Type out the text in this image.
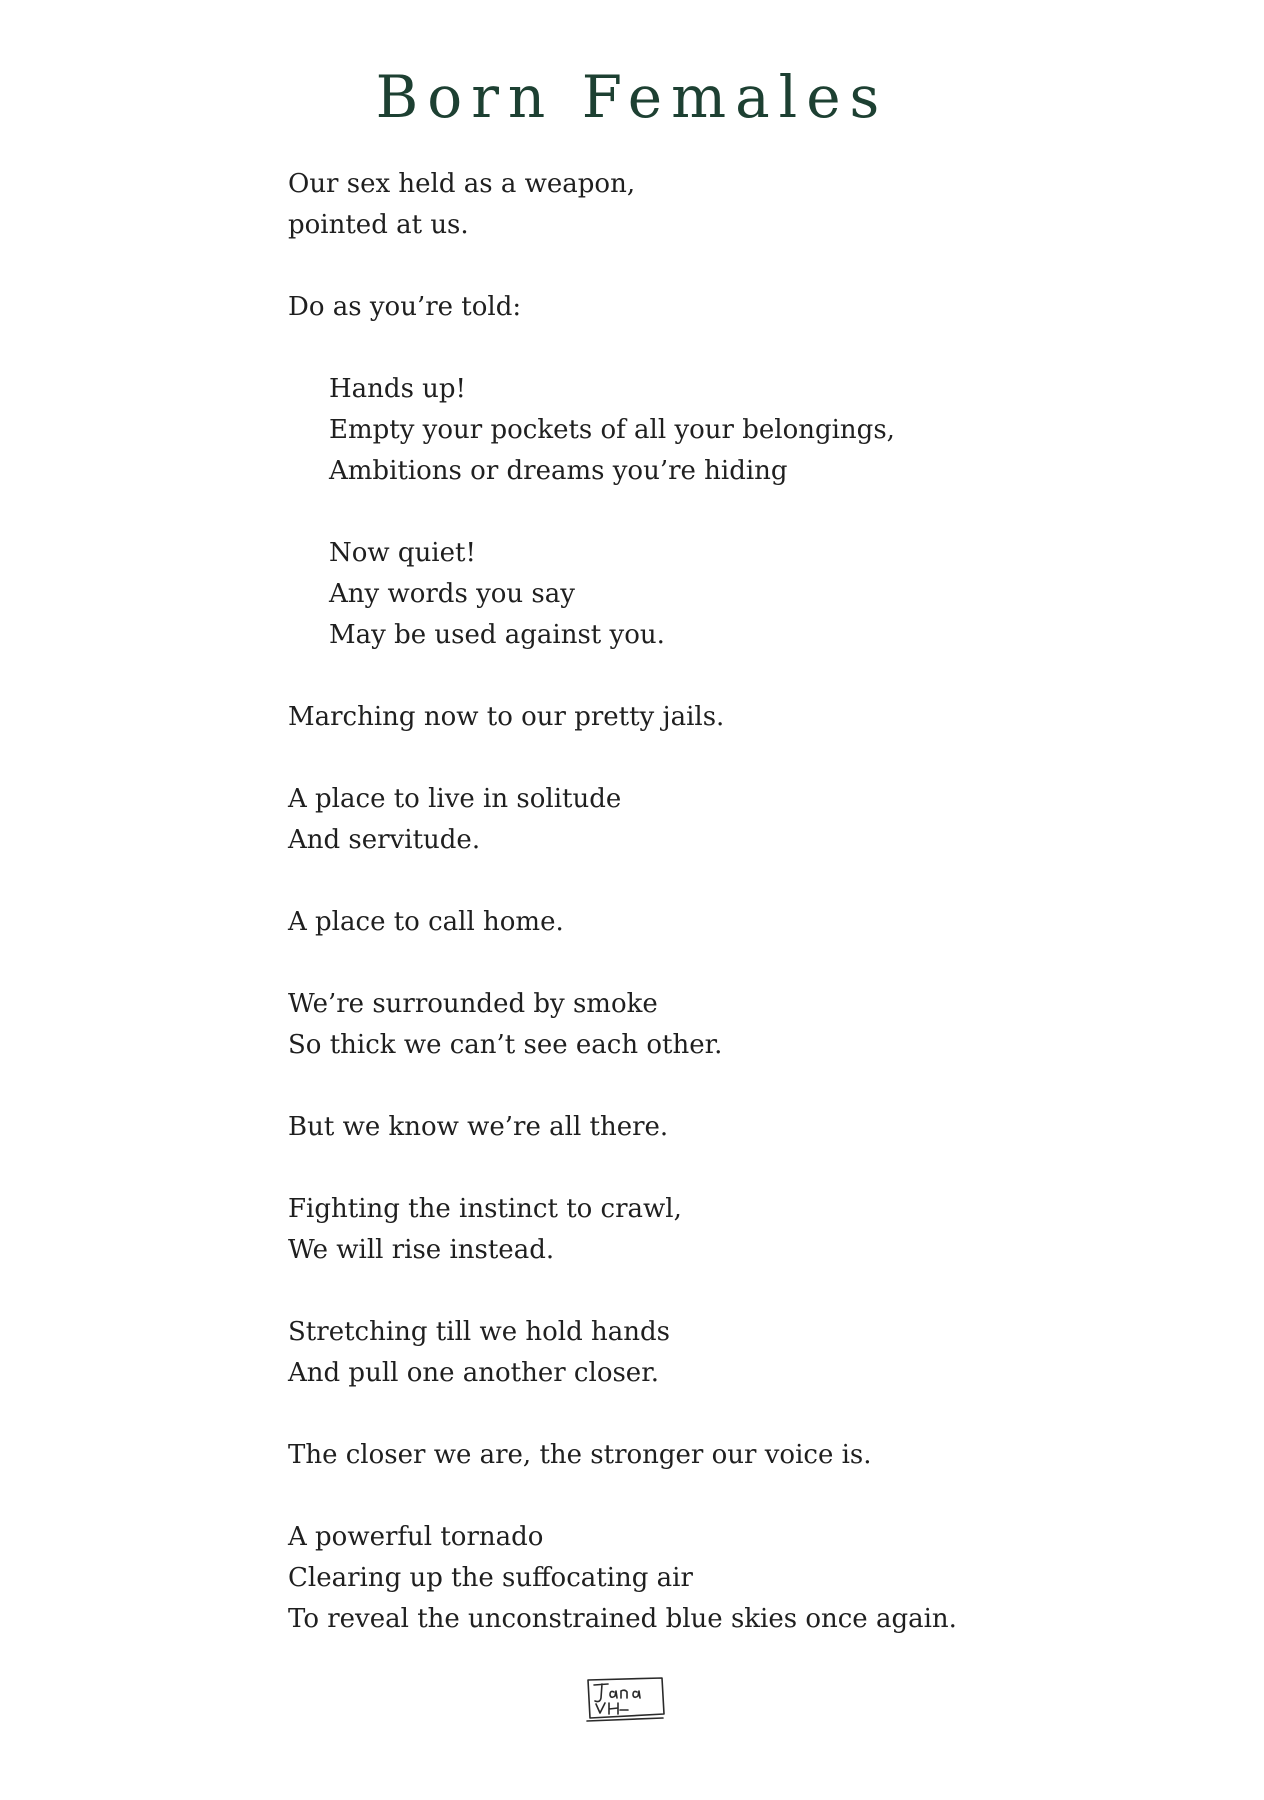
Born Females
Our sex held as a weapon,
pointed at us.
Do as you’re told:
Hands up!
Empty your pockets of all your belongings,
Ambitions or dreams you’re hiding
Now quiet!
Any words you say
May be used against you.
Marching now to our pretty jails.
A place to live in solitude
And servitude.
A place to call home.
We’re surrounded by smoke
So thick we can’t see each other.
But we know we’re all there.
Fighting the instinct to crawl,
We will rise instead.
Stretching till we hold hands
And pull one another closer.
The closer we are, the stronger our voice is.
A powerful tornado
Clearing up the suffocating air
To reveal the unconstrained blue skies once again.
